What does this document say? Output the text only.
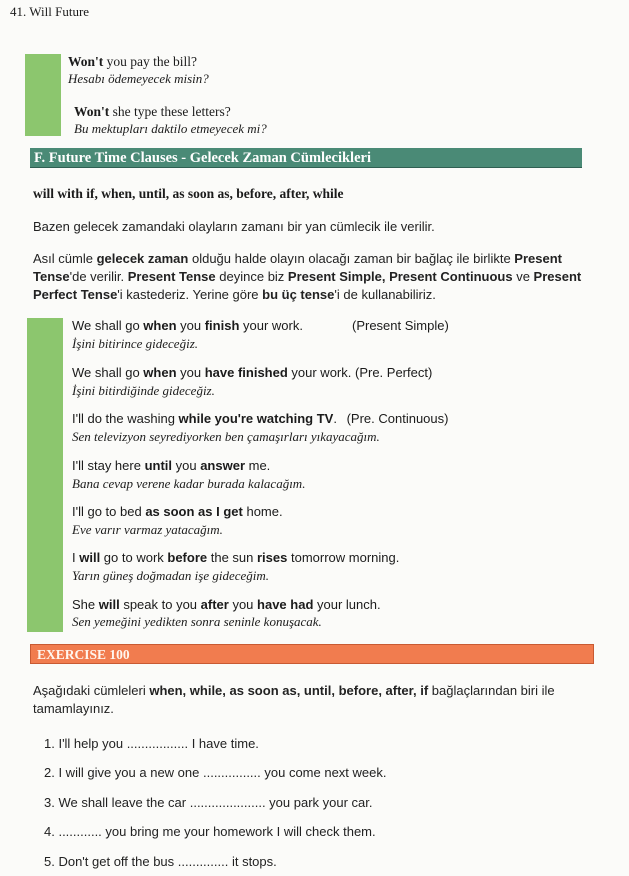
41. Will Future
Won't you pay the bill?
Hesabı ödemeyecek misin?
Won't she type these letters?
Bu mektupları daktilo etmeyecek mi?
F. Future Time Clauses - Gelecek Zaman Cümlecikleri
will with if, when, until, as soon as, before, after, while
Bazen gelecek zamandaki olayların zamanı bir yan cümlecik ile verilir.
Asıl cümle gelecek zaman olduğu halde olayın olacağı zaman bir bağlaç ile birlikte Present Tense'de verilir. Present Tense deyince biz Present Simple, Present Continuous ve Present Perfect Tense'i kastederiz. Yerine göre bu üç tense'i de kullanabiliriz.
We shall go when you finish your work.	(Present Simple)
İşini bitirince gideceğiz.
We shall go when you have finished your work. (Pre. Perfect)
İşini bitirdiğinde gideceğiz.
I'll do the washing while you're watching TV. (Pre. Continuous)
Sen televizyon seyrediyorken ben çamaşırları yıkayacağım.
I'll stay here until you answer me.
Bana cevap verene kadar burada kalacağım.
I'll go to bed as soon as I get home.
Eve varır varmaz yatacağım.
I will go to work before the sun rises tomorrow morning.
Yarın güneş doğmadan işe gideceğim.
She will speak to you after you have had your lunch.
Sen yemeğini yedikten sonra seninle konuşacak.
EXERCISE 100
Aşağıdaki cümleleri when, while, as soon as, until, before, after, if bağlaçlarından biri ile
tamamlayınız.
1. I'll help you ................. I have time.
2. I will give you a new one ................ you come next week.
3. We shall leave the car ..................... you park your car.
4. ............ you bring me your homework I will check them.
5. Don't get off the bus .............. it stops.
